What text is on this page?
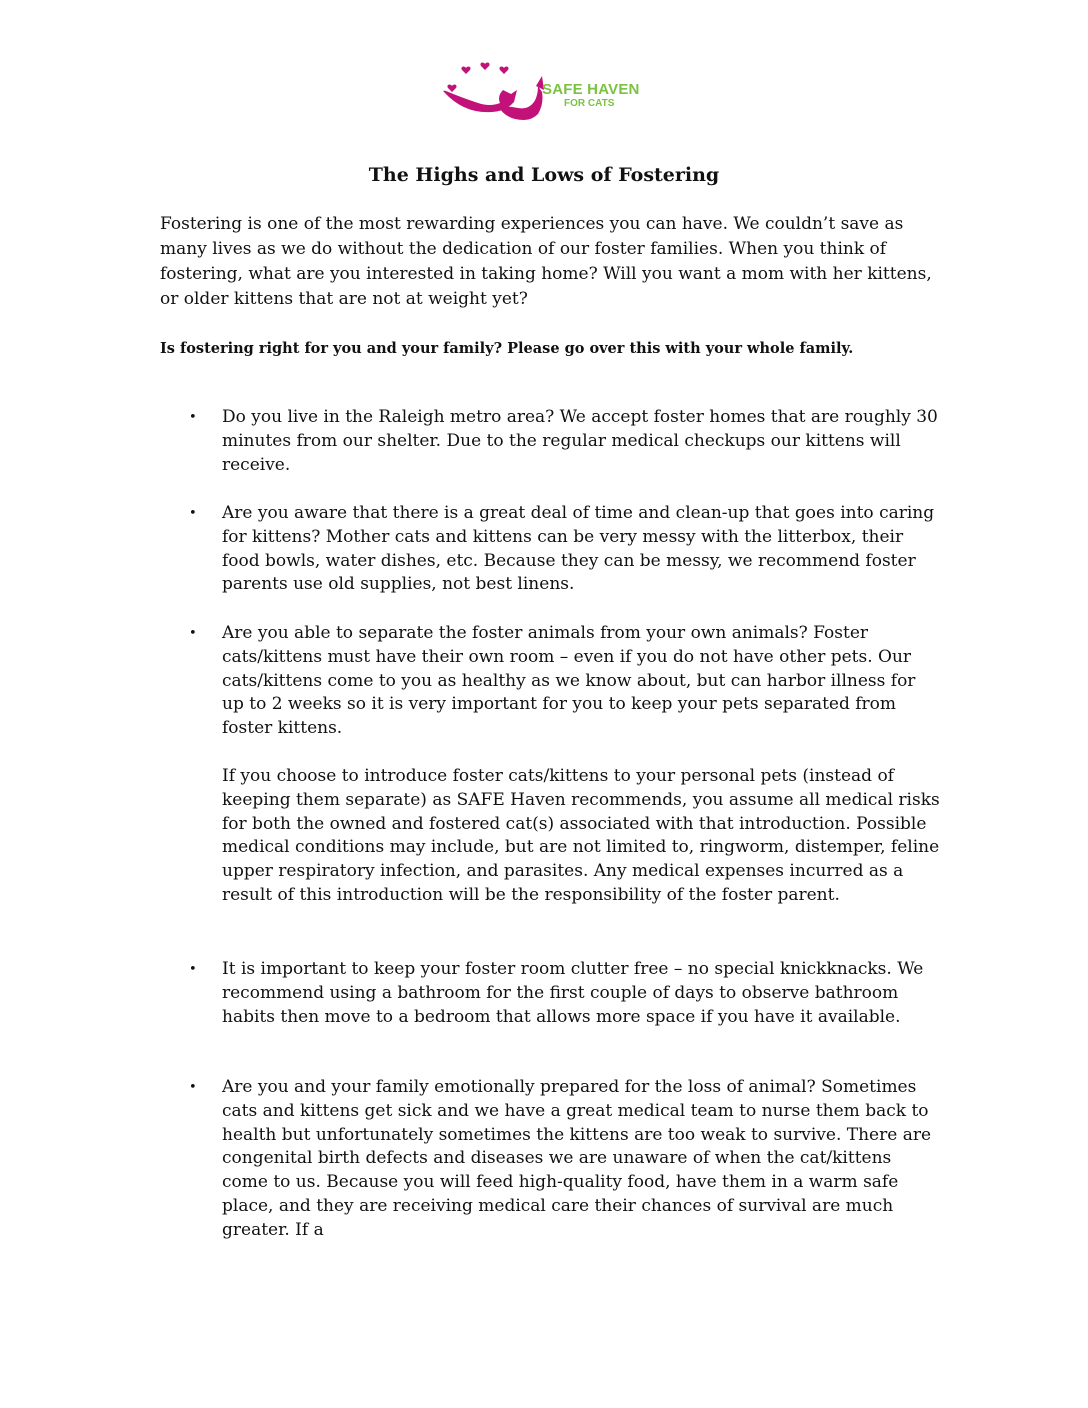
SAFE HAVEN
FOR CATS
The Highs and Lows of Fostering

Fostering is one of the most rewarding experiences you can have. We couldn’t save as many lives as we do without the dedication of our foster families. When you think of fostering, what are you interested in taking home? Will you want a mom with her kittens, or older kittens that are not at weight yet?

Is fostering right for you and your family? Please go over this with your whole family.

• Do you live in the Raleigh metro area? We accept foster homes that are roughly 30 minutes from our shelter. Due to the regular medical checkups our kittens will receive.

• Are you aware that there is a great deal of time and clean-up that goes into caring for kittens? Mother cats and kittens can be very messy with the litterbox, their food bowls, water dishes, etc. Because they can be messy, we recommend foster parents use old supplies, not best linens.

• Are you able to separate the foster animals from your own animals? Foster cats/kittens must have their own room – even if you do not have other pets. Our cats/kittens come to you as healthy as we know about, but can harbor illness for up to 2 weeks so it is very important for you to keep your pets separated from foster kittens.

If you choose to introduce foster cats/kittens to your personal pets (instead of keeping them separate) as SAFE Haven recommends, you assume all medical risks for both the owned and fostered cat(s) associated with that introduction. Possible medical conditions may include, but are not limited to, ringworm, distemper, feline upper respiratory infection, and parasites. Any medical expenses incurred as a result of this introduction will be the responsibility of the foster parent.

• It is important to keep your foster room clutter free – no special knickknacks. We recommend using a bathroom for the first couple of days to observe bathroom habits then move to a bedroom that allows more space if you have it available.

• Are you and your family emotionally prepared for the loss of animal? Sometimes cats and kittens get sick and we have a great medical team to nurse them back to health but unfortunately sometimes the kittens are too weak to survive. There are congenital birth defects and diseases we are unaware of when the cat/kittens come to us. Because you will feed high-quality food, have them in a warm safe place, and they are receiving medical care their chances of survival are much greater. If a
